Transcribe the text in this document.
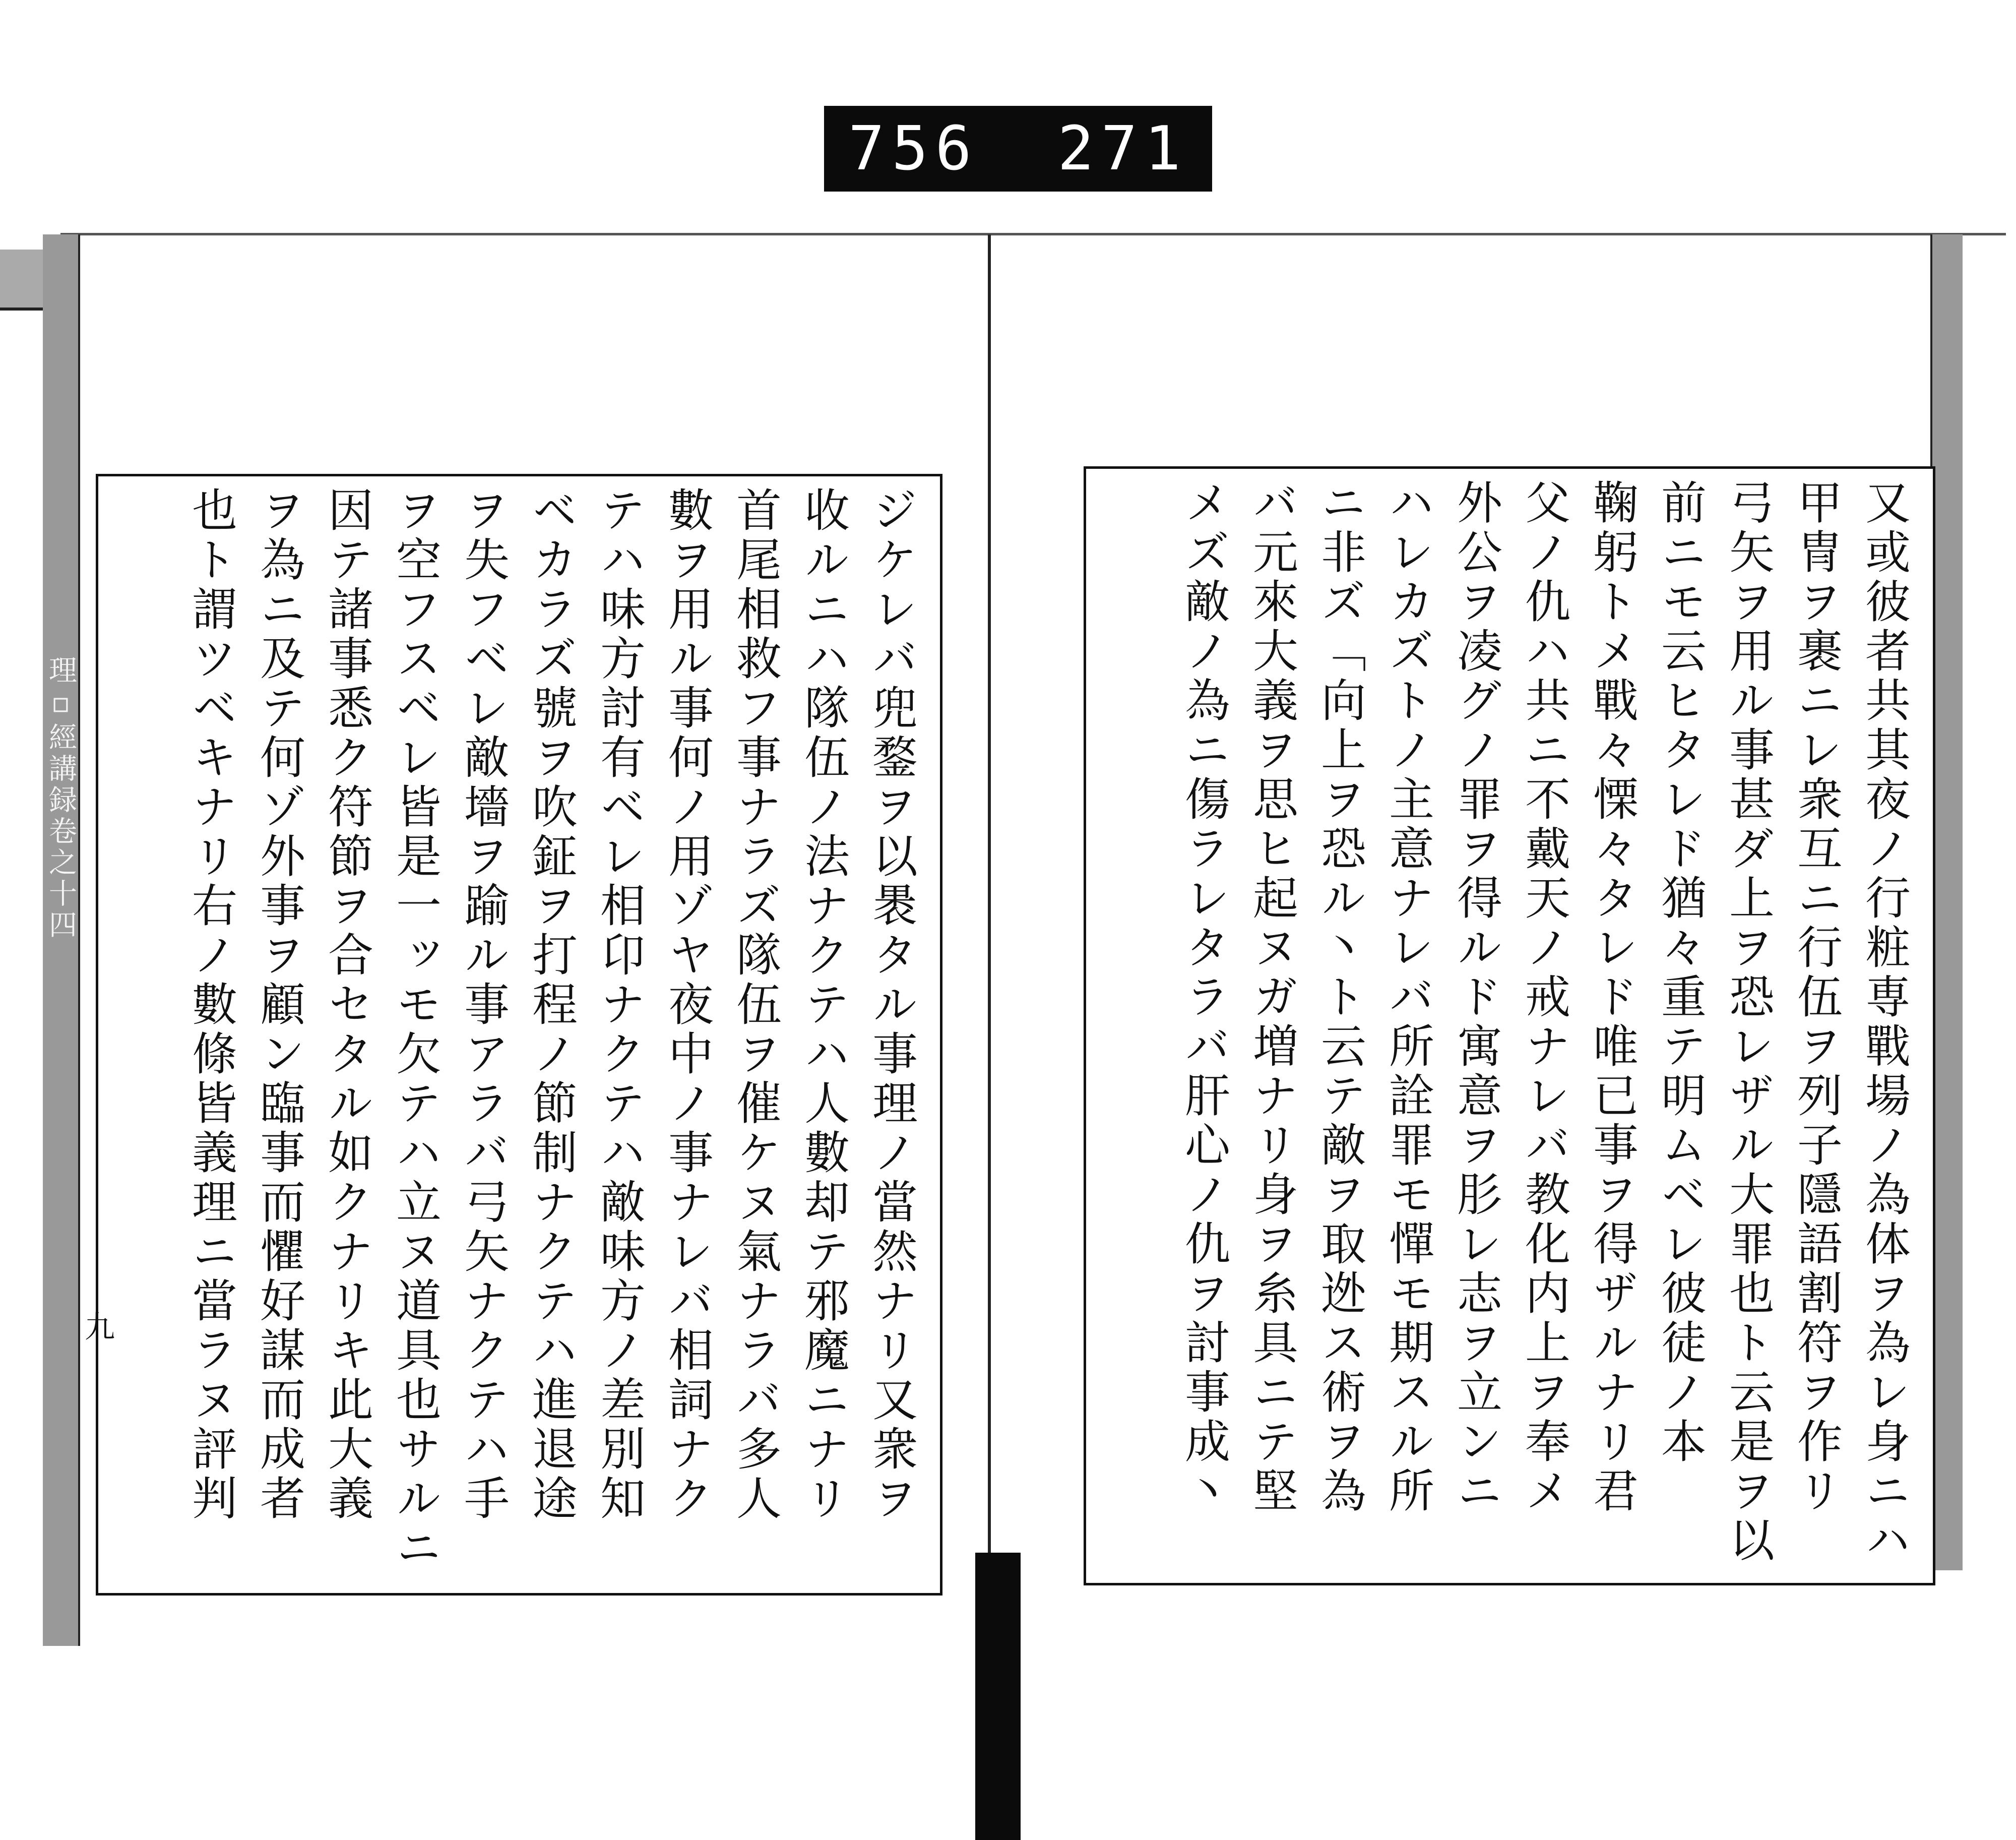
理▫經講録卷之十四
756 271

ジケレバ兜鍪ヲ以褁タル事理ノ當然ナリ又衆ヲ

收ルニハ隊伍ノ法ナクテハ人數却テ邪魔ニナリ

首尾相救フ事ナラズ隊伍ヲ催ケヌ氣ナラバ多人

數ヲ用ル事何ノ用ゾヤ夜中ノ事ナレバ相詞ナク

テハ味方討有ベレ相卬ナクテハ敵味方ノ差別知

ベカラズ號ヲ吹鉦ヲ打程ノ節制ナクテハ進退途

ヲ失フベレ敵墻ヲ踰ル事アラバ弓矢ナクテハ手

ヲ空フスベレ皆是一ッモ欠テハ立ヌ道具也サルニ

因テ諸事悉ク符節ヲ合セタル如クナリキ此大義

ヲ為ニ及テ何ゾ外事ヲ顧ン臨事而懼好謀而成者

也ト謂ツベキナリ右ノ數條皆義理ニ當ラヌ評判

九	又或彼者共其夜ノ行粧専戰場ノ為体ヲ為レ身ニハ

甲冑ヲ裹ニレ衆互ニ行伍ヲ列子隱語割符ヲ作リ

弓矢ヲ用ル事甚ダ上ヲ恐レザル大罪也ト云是ヲ以

前ニモ云ヒタレド猶々重テ明ムベレ彼徒ノ本

鞠躬トメ戰々慄々タレド唯已事ヲ得ザルナリ君

父ノ仇ハ共ニ不戴天ノ戒ナレバ教化内上ヲ奉メ

外公ヲ凌グノ罪ヲ得ルド寓意ヲ肜レ志ヲ立ンニ

ハレカズトノ主意ナレバ所詮罪モ憚モ期スル所

ニ非ズ「向上ヲ恐ル丶ト云テ敵ヲ取迯ス術ヲ為

バ元來大義ヲ思ヒ起ヌガ増ナリ身ヲ糸具ニテ堅

メズ敵ノ為ニ傷ラレタラバ肝心ノ仇ヲ討事成丶
